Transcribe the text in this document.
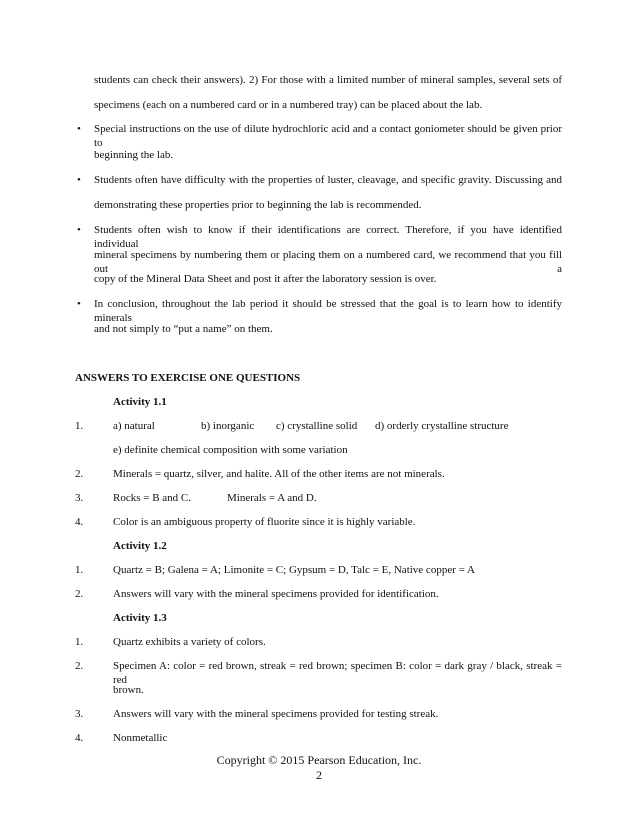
students can check their answers). 2) For those with a limited number of mineral samples, several sets of
specimens (each on a numbered card or in a numbered tray) can be placed about the lab.
• Special instructions on the use of dilute hydrochloric acid and a contact goniometer should be given prior to
beginning the lab.
• Students often have difficulty with the properties of luster, cleavage, and specific gravity. Discussing and
demonstrating these properties prior to beginning the lab is recommended.
• Students often wish to know if their identifications are correct. Therefore, if you have identified individual
mineral specimens by numbering them or placing them on a numbered card, we recommend that you fill out a
copy of the Mineral Data Sheet and post it after the laboratory session is over.
• In conclusion, throughout the lab period it should be stressed that the goal is to learn how to identify minerals
and not simply to “put a name” on them.
ANSWERS TO EXERCISE ONE QUESTIONS
Activity 1.1
1.	a) natural	b) inorganic c) crystalline solid d) orderly crystalline structure
e) definite chemical composition with some variation
2.	Minerals = quartz, silver, and halite. All of the other items are not minerals.
3.	Rocks = B and C.	Minerals = A and D.
4.	Color is an ambiguous property of fluorite since it is highly variable.
Activity 1.2
1.	Quartz = B; Galena = A; Limonite = C; Gypsum = D, Talc = E, Native copper = A
2.	Answers will vary with the mineral specimens provided for identification.
Activity 1.3
1.	Quartz exhibits a variety of colors.
2.	Specimen A: color = red brown, streak = red brown; specimen B: color = dark gray / black, streak = red
brown.
3.	Answers will vary with the mineral specimens provided for testing streak.
4.	Nonmetallic
Copyright © 2015 Pearson Education, Inc.
2
